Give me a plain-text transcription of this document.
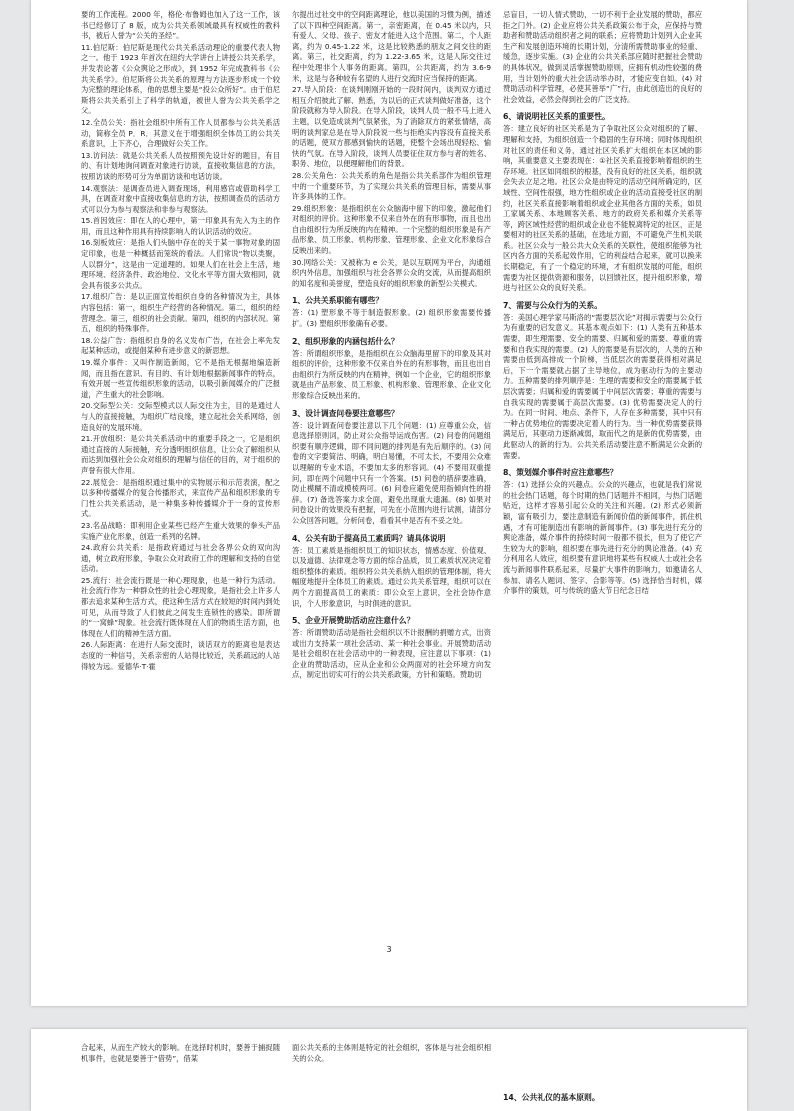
要的工作流程。2000 年，格伦·布鲁姆也加入了这一工作，该书已经修订了 8 版，成为公共关系领域最具有权威性的教科书，被后人誉为“公关的圣经”。

11.伯尼斯：伯尼斯是现代公共关系活动理论的重要代表人物之一。他于 1923 年首次在纽约大学讲台上讲授公共关系学，并发表论著《公众舆论之形成》，到 1952 年完成教科书《公共关系学》。伯尼斯将公共关系的原理与方法逐步形成一个较为完整的理论体系，他的思想主要是“投公众所好”。由于伯尼斯将公共关系引上了科学的轨道，被世人誉为公共关系学之父。

12.全员公关：指社会组织中所有工作人员都参与公共关系活动，简称全员 P．R．其意义在于增强组织全体员工的公共关系意识，上下齐心，合理做好公关工作。

13.访问法：就是公共关系人员按照预先设计好的题目，有目的、有计划地询问调查对象进行访谈，直接收集信息的方法，按照访谈的形势可分为单面访谈和电话访谈。

14.观察法：是调查员进入调查现场，利用感官或借助科学工具，在调查对象中直接收集信息的方法，按照调查员的活动方式可以分为参与观察法和非参与观察法。

15.首因效应：即在人的心理中，第一印象具有先入为主的作用，而且这种作用具有持续影响人的认识活动的效应。

16.刻板效应：是指人们头脑中存在的关于某一事物对象的固定印象，也是一种概括而笼统的看法。人们常说“物以类聚，人以群分”，这是由一定道理的。如果人们在社会上生活，地理环境、经济条件、政治地位、文化水平等方面大致相同，就会具有很多公共点。

17.组织广告：是以正面宣传组织自身的各种情况为主，具体内容包括：第一，组织生产经营的各种情况。第二，组织的经营理念。第三，组织的社会贡献。第四，组织的内部状况。第五，组织的特殊事件。

18.公益广告：指组织自身的名义发布广告，在社会上率先发起某种活动，或提倡某种有进步意义的新思想。

19.媒介事件：又叫作制造新闻，它不是指无根据地编造新闻，而且指在意识、有目的、有计划地根据新闻事件的特点，有效开展一些宣传组织形象的活动，以吸引新闻媒介的广泛报道，产生重大的社会影响。

20.交际型公关：交际型模式以人际交往为主，目的是通过人与人的直接接触，为组织广结良缘，建立起社会关系网络，创造良好的发展环境。

21.开放组织：是公共关系活动中的重要手段之一，它是组织通过直接的人际接触，充分透明组织信息，让公众了解组织从而达到加强社会公众对组织的理解与信任的目的，对于组织的声誉有很大作用。

22.展览会：是指组织通过集中的实物展示和示范表演，配之以多种传播媒介的复合传播形式，来宣传产品和组织形象的专门性公共关系活动，是一种集多种传播媒介于一身的宣传形式。

23.名品战略：即利用企业某些已经产生重大效果的拳头产品实施产业化形象，创造一系列的名牌。

24.政府公共关系：是指政府通过与社会各界公众的双向沟通，树立政府形象，争取公众对政府工作的理解和支持的自觉活动。

25.流行：社会流行既是一种心理现象，也是一种行为活动。社会流行作为一种群众性的社会心理现象，是指社会上许多人都去追求某种生活方式，使这种生活方式在较短的时间内到处可见，从而导致了人们彼此之间发生连锁性的感染。即所谓的“一窝蜂”现象。社会流行既体现在人们的物质生活方面，也体现在人们的精神生活方面。

26.人际距离：在进行人际交流时，谈话双方的距离也是表达态度的一种信号，关系亲密的人站得比较近，关系疏远的人站得较为远。爱德华·T·霍

尔提出过社交中的空间距离理论，他以美国的习惯为例，描述了以下四种空间距离。第一，亲密距离，在 0.45 米以内，只有爱人、父母、孩子、密友才能进入这个范围。第二，个人距离，约为 0.45-1.22 米，这是比较熟悉的朋友之间交往的距离。第三，社交距离，约为 1.22-3.65 米，这是人际交往过程中处理非个人事务的距离。第四，公共距离，约为 3.6-9 米，这是与各种较有名望的人进行交流时应当保持的距离。

27.导入阶段：在谈判刚刚开始的一段时间内，谈判双方通过相互介绍彼此了解、熟悉，为以后的正式谈判做好准备，这个阶段就称为导入阶段。在导入阶段，谈判人员一般不马上进入主题，以免造成谈判气氛紧张，为了消除双方的紧张情绪，高明的谈判家总是在导入阶段说一些与拒绝实内容没有直接关系的话题，使双方都感到愉快的话题，使整个会场出现轻松、愉快的气氛。在导入阶段，谈判人员要征住双方参与者的姓名、职务、地位，以便理解他们的背景。

28.公关角色：公共关系的角色是指公共关系部作为组织管理中的一个重要环节，为了实现公共关系的管理目标，需要从事许多具体的工作。

29.组织形象：是指组织在公众脑海中留下的印象，激起他们对组织的评价。这种形象不仅来自外在的有形事物，而且也出自由组织行为所反映的内在精神。一个完整的组织形象是有产品形象、员工形象、机构形象、管理形象、企业文化形象综合反映出来的。

30.网络公关：又被称为 e 公关，是以互联网为平台，沟通组织内外信息，加强组织与社会各界公众的交流，从而提高组织的知名度和美誉度，塑造良好的组织形象的新型公关模式。

1、公共关系职能有哪些？

答：(1) 塑形象不等于制造假形象。(2) 组织形象需要传播扩。(3) 塑组织形象确有必要。

2、组织形象的内涵包括什么？

答：所谓组织形象，是指组织在公众脑海里留下的印象及其对组织的评价，这种形象不仅来自外在的有形事物，而且也出自由组织行为所反映的内在精神，例如一个企业，它的组织形象就是由产品形象、员工形象、机构形象、管理形象、企业文化形象综合反映出来的。

3、设计调查问卷要注意哪些？

答：设计调查问卷要注意以下几个问题：(1) 应尊重公众，信息选择原则词，防止对公众指导运成伤害。(2) 问卷的问题组织要有顺序逻辑，即不同问题的排列是有先后顺序的。(3) 问卷的文字要简洁、明确，明白易懂，不可太长，不要用公众难以理解的专业术语，不要加太多的形容词。(4) 不要用双重提问，即在两个问题中只有一个答案。(5) 问卷的措辞要准确，防止模糊不清或模棱两可。(6) 问卷应避免使用指倾向性的措辞。(7) 备选答案力求全面，避免出现重大遗漏。(8) 如果对问卷设计的效果没有把握，可先在小范围内进行试测，请部分公众回答问题，分析问卷，看看其中是否有不妥之处。

4、公关有助于提高员工素质吗？请具体说明

答：员工素质是指组织员工的知识状态，情感态度、价值观、以及道德、法律观念等方面的综合品质，员工素质状况决定着组织整体的素质。组织将公共关系纳入组织的管理体制，将大幅度地提升全体员工的素质。通过公共关系管理，组织可以在两个方面提高员工的素质：即公众至上意识，全社会协作意识，个人形象意识，与时俱进的意识。

5、企业开展赞助活动应注意什么？

答：所谓赞助活动是指社会组织以不计报酬的捐赠方式，出资或出力支持某一项社会活动、某一种社会事业。开展赞助活动是社会组织在社会活动中的一种表现，应注意以下事项：(1) 企业的赞助活动，应从企业和公众两面对的社会环境方向发点，制定出切实可行的公共关系政策，方针和策略。赞助切

忌盲目，一切人情式赞助，一切不利于企业发展的赞助，都应拒之门外。(2) 企业应将公共关系政策公布于众，应保持与赞助者和赞助活动组织者之间的联系；应将赞助计划列入企业其生产和发展创造环境的长期计划，分清所需赞助事业的轻重、缓急，逐步实施。(3) 企业的公共关系部应随时把握社会赞助的具体状况，做到灵活掌握赞助原则，应拥有机动性较强的费用，当计划外的重大社会活动举办时，才能应变自如。(4) 对赞助活动科学管理，必使其善举“广”行，由此创造出的良好的社会效益，必然会得到社会的广泛支持。

6、请说明社区关系的重要性。

答：建立良好的社区关系是为了争取社区公众对组织的了解、理解和支持，为组织创造一个稳固的生存环境；同时体现组织对社区的责任和义务，通过社区关系扩大组织在本区域的影响，其重要意义主要表现在：①社区关系直接影响着组织的生存环境。社区如同组织的根基，没有良好的社区关系，组织就会失去立足之地。社区公众是由特定的活动空间所确定的，区域性、空间性很强，地方性组织或企业的活动直接受社区的制约，社区关系直接影响着组织或企业其他各方面的关系，如员工家属关系、本地顾客关系、地方的政府关系和媒介关系等等，跨区域性经营的组织或企业也不能脱离特定的社区，正是要相对的社区关系的基础，在选址方面，不可避免产生机关联系。社区公众与一般公共大众关系的关联性，使组织能够为社区内各方面的关系起效作用，它的利益结合起来，就可以换来长期稳定，有了一个稳定的环境，才有组织发展的可能，组织需要为社区提供资源和服务，以回馈社区，提升组织形象，增进与社区公众的良好关系。

7、需要与公众行为的关系。

答：美国心理学家马斯洛的“需要层次论”对揭示需要与公众行为有重要的启发意义。其基本观点如下：(1) 人类有五种基本需要，即生理需要、安全的需要、归属和爱的需要、尊重的需要和自我实现的需要。(2) 人的需要是有层次的，人类的五种需要由低到高排成一个阶梯，当低层次的需要获得相对满足后，下一个需要就占据了主导地位，成为驱动行为的主要动力。五种需要的排列顺序是：生理的需要和安全的需要属于低层次需要；归属和爱的需要属于中间层次需要；尊重的需要与自我实现的需要属于高层次需要。(3) 优势需要决定人的行为。在同一时间、地点、条件下，人存在多种需要，其中只有一种占优势地位的需要决定着人的行为。当一种优势需要获得满足后，其驱动力逐渐减弱，取而代之的是新的优势需要，由此驱动人的新的行为。公共关系活动要注意不断满足公众新的需要。

8、策划媒介事件时应注意哪些？

答：(1) 选择公众的兴趣点。公众的兴趣点，也就是我们常说的社会热门话题，每个时期的热门话题并不相同，与热门话题贴近，这样才容易引起公众的关注和兴趣。(2) 形式必须新颖，富有吸引力，要注意制造有新闻价值的新闻事件，抓住机遇，才有可能制造出有影响的新闻事件。(3) 事先进行充分的舆论准备，媒介事件的持续时间一般都不很长，但为了使它产生较为大的影响，组织要在事先进行充分的舆论准备。(4) 充分利用名人效应，组织要有意识地将某些有权威人士或社会名流与新闻事件联系起来，尽量扩大事件的影响力，如邀请名人参加、请名人题词、签字、合影等等。(5) 选择恰当时机，媒介事件的策划，可与传统的盛大节日纪念日结

3

合起来，从而生产较大的影响。在选择时机时，要善于捕捉随机事件，也就是要善于“借势”，借某

面公共关系的主体则是特定的社会组织，客体是与社会组织相关的公众。

14、公共礼仪的基本原则。
